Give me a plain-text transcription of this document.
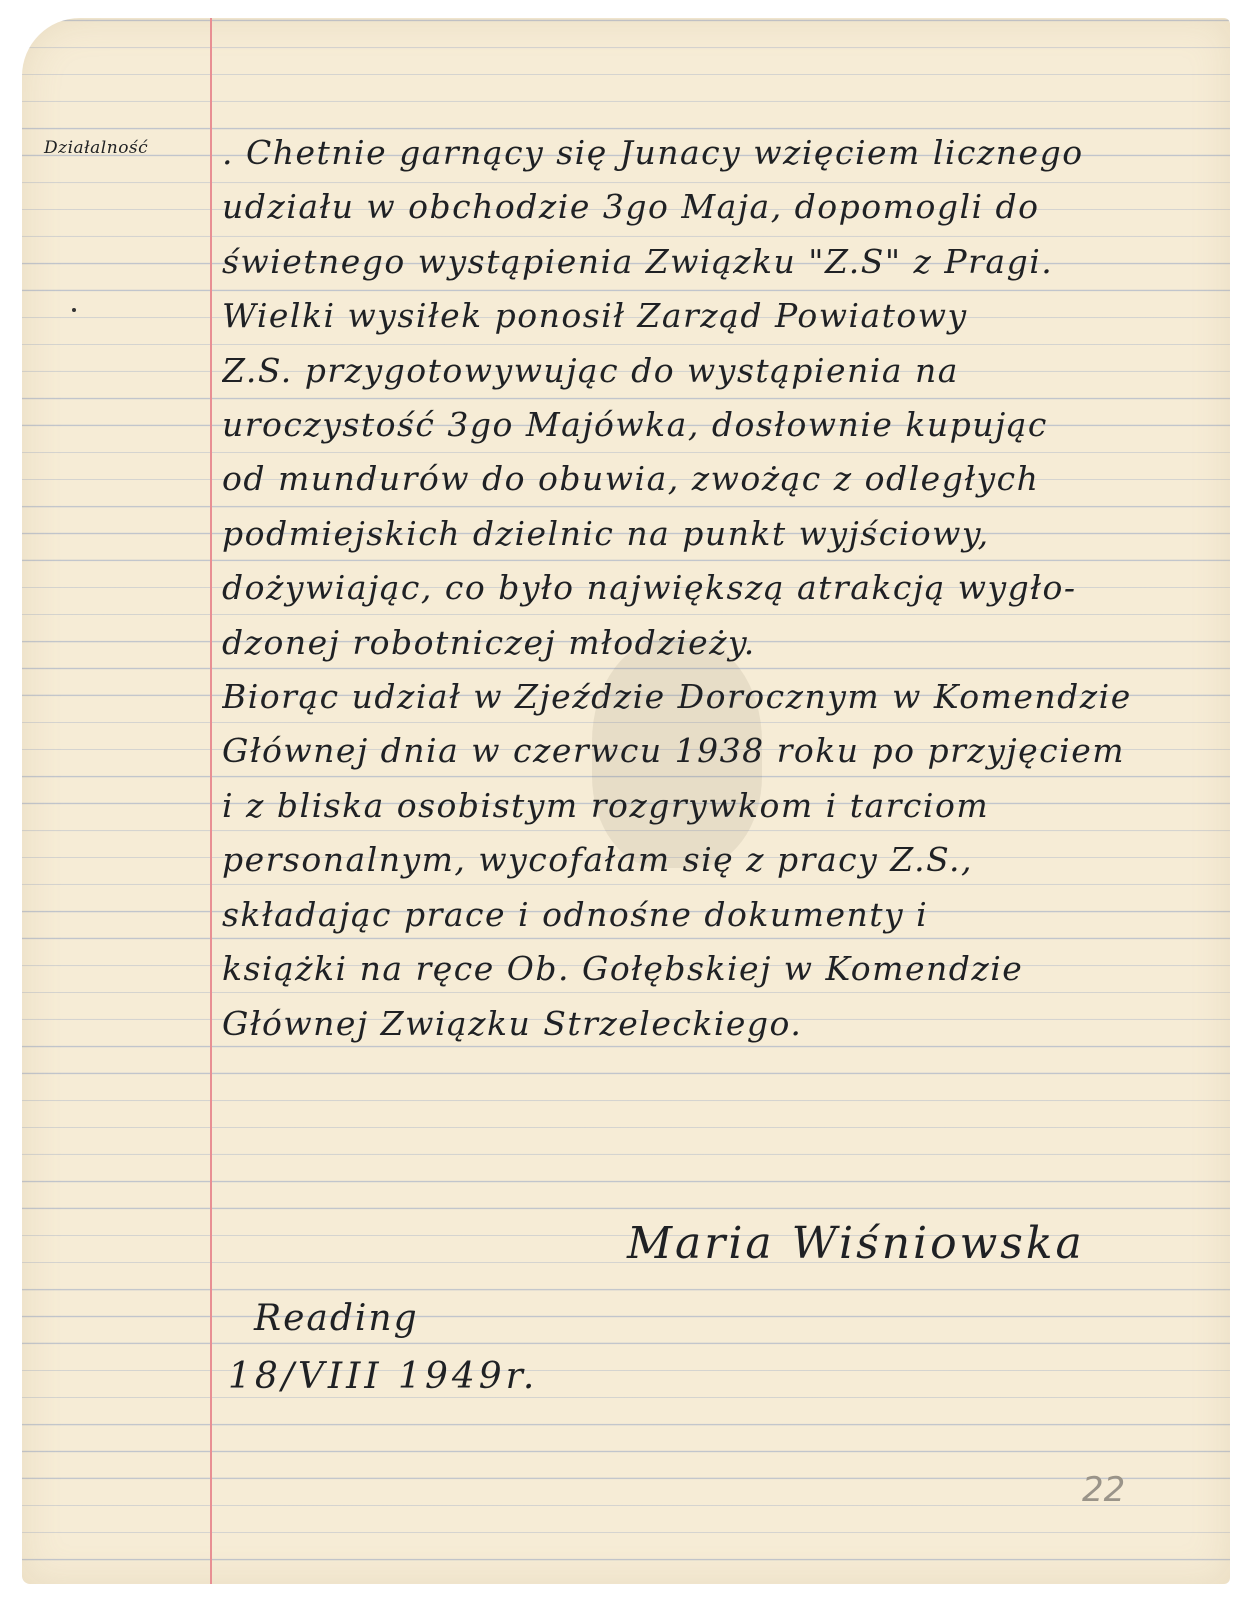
Działalność . Chetnie garnący się Junacy wzięciem licznego
udziału w obchodzie 3go Maja, dopomogli do
świetnego wystąpienia Związku "Z.S" z Pragi.
Wielki wysiłek ponosił Zarząd Powiatowy
Z.S. przygotowywując do wystąpienia na
uroczystość 3go Majówka, dosłownie kupując
od mundurów do obuwia, zwożąc z odległych
podmiejskich dzielnic na punkt wyjściowy,
dożywiając, co było największą atrakcją wygło-
dzonej robotniczej młodzieży.
Biorąc udział w Zjeździe Dorocznym w Komendzie
Głównej dnia w czerwcu 1938 roku po przyjęciem
i z bliska osobistym rozgrywkom i tarciom
personalnym, wycofałam się z pracy Z.S.,
składając prace i odnośne dokumenty i
książki na ręce Ob. Gołębskiej w Komendzie
Głównej Związku Strzeleckiego.
Maria Wiśniowska
Reading
18/VIII 1949r.
22
